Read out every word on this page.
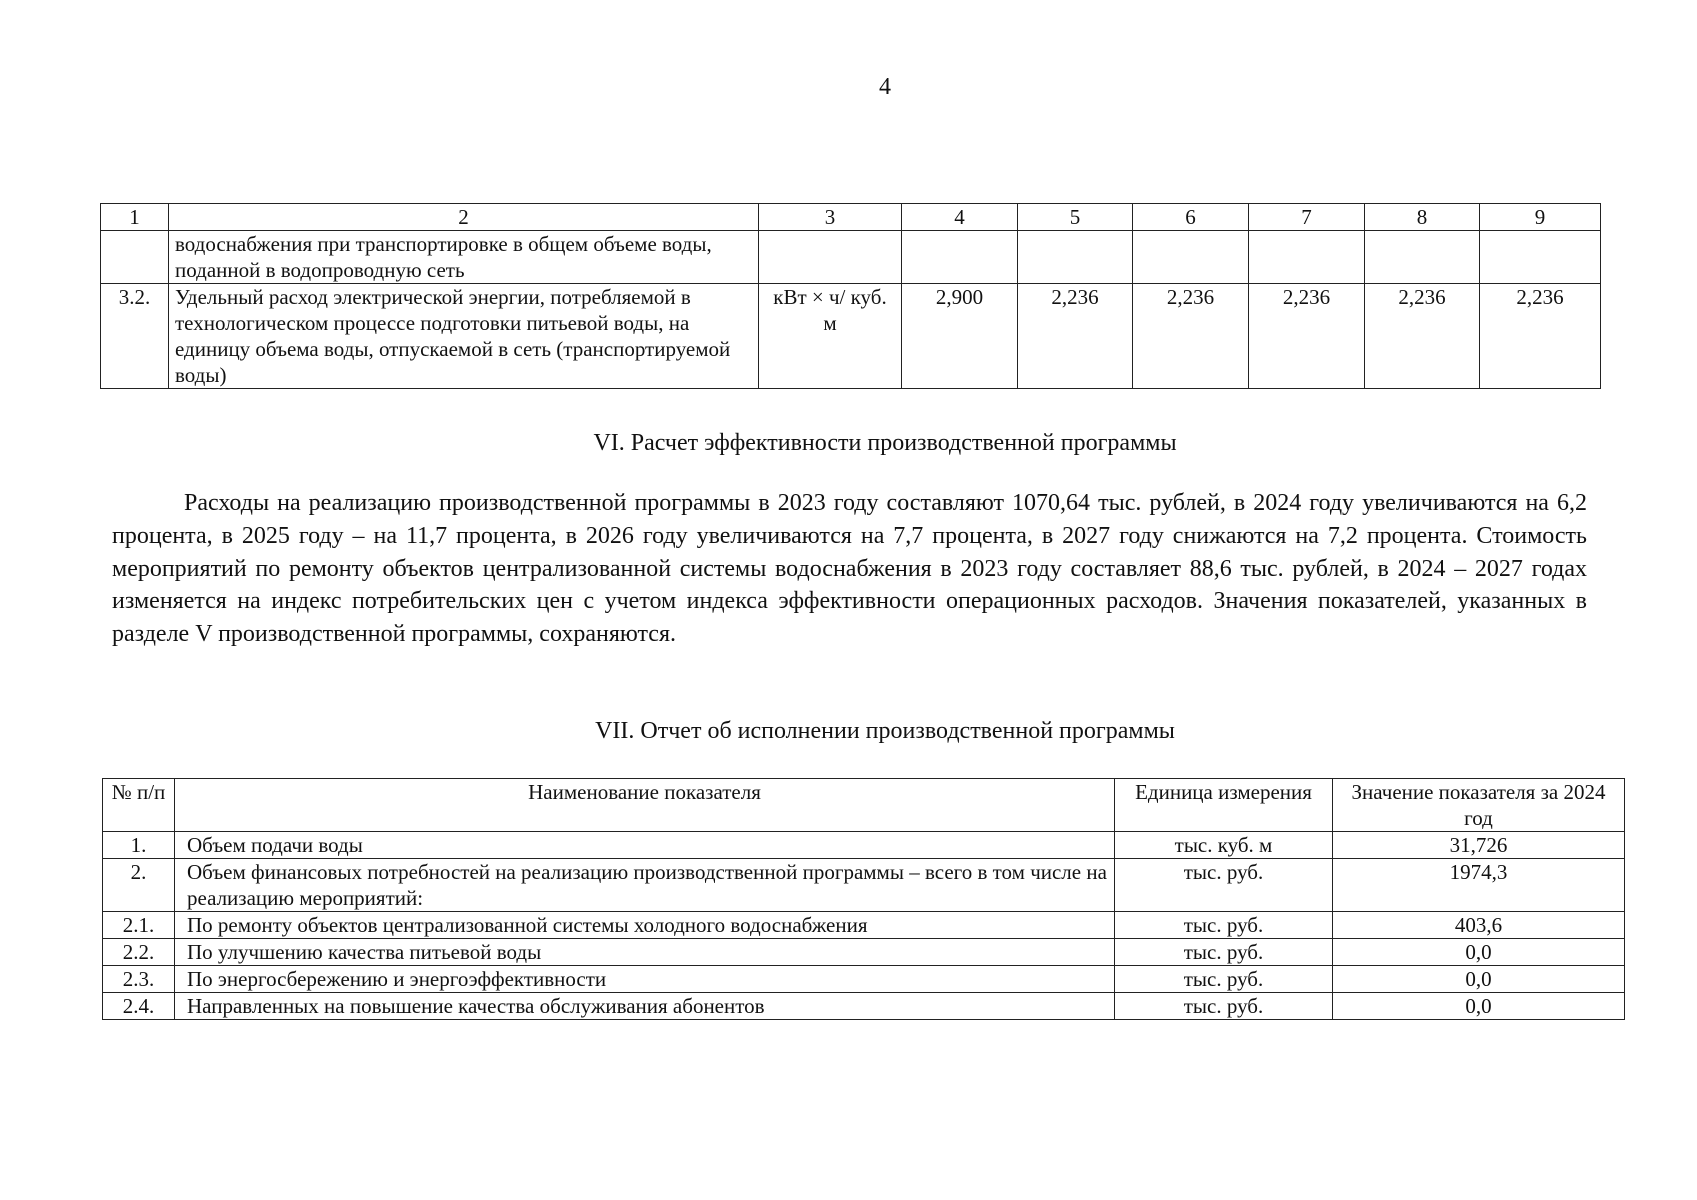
4
1	2	3	4	5	6	7	8	9
	водоснабжения при транспортировке в общем объеме воды, поданной в водопроводную сеть							
3.2.	Удельный расход электрической энергии, потребляемой в технологическом процессе подготовки питьевой воды, на единицу объема воды, отпускаемой в сеть (транспортируемой воды)	кВт × ч/ куб. м	2,900	2,236	2,236	2,236	2,236	2,236
VI. Расчет эффективности производственной программы
Расходы на реализацию производственной программы в 2023 году составляют 1070,64 тыс. рублей, в 2024 году увеличиваются на 6,2 процента, в 2025 году – на 11,7 процента, в 2026 году увеличиваются на 7,7 процента, в 2027 году снижаются на 7,2 процента. Стоимость мероприятий по ремонту объектов централизованной системы водоснабжения в 2023 году составляет 88,6 тыс. рублей, в 2024 – 2027 годах изменяется на индекс потребительских цен с учетом индекса эффективности операционных расходов. Значения показателей, указанных в разделе V производственной программы, сохраняются.
VII. Отчет об исполнении производственной программы
№ п/п	Наименование показателя	Единица измерения	Значение показателя за 2024 год
1.	Объем подачи воды	тыс. куб. м	31,726
2.	Объем финансовых потребностей на реализацию производственной программы – всего в том числе на реализацию мероприятий:	тыс. руб.	1974,3
2.1.	По ремонту объектов централизованной системы холодного водоснабжения	тыс. руб.	403,6
2.2.	По улучшению качества питьевой воды	тыс. руб.	0,0
2.3.	По энергосбережению и энергоэффективности	тыс. руб.	0,0
2.4.	Направленных на повышение качества обслуживания абонентов	тыс. руб.	0,0
